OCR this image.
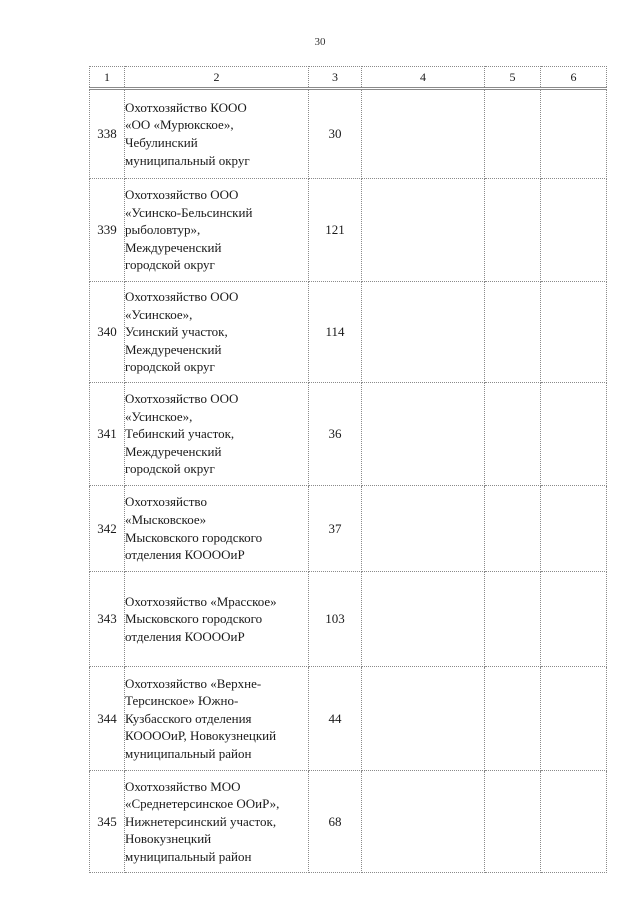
30
1	2	3	4	5	6
338	Охотхозяйство КООО
«ОО «Мурюкское»,
Чебулинский
муниципальный округ	30			
339	Охотхозяйство ООО
«Усинско-Бельсинский
рыболовтур»,
Междуреченский
городской округ	121			
340	Охотхозяйство ООО
«Усинское»,
Усинский участок,
Междуреченский
городской округ	114			
341	Охотхозяйство ООО
«Усинское»,
Тебинский участок,
Междуреченский
городской округ	36			
342	Охотхозяйство
«Мысковское»
Мысковского городского
отделения КООООиР	37			
343	Охотхозяйство «Мрасское»
Мысковского городского
отделения КООООиР	103			
344	Охотхозяйство «Верхне-
Терсинское» Южно-
Кузбасского отделения
КООООиР, Новокузнецкий
муниципальный район	44			
345	Охотхозяйство МОО
«Среднетерсинское ООиР»,
Нижнетерсинский участок,
Новокузнецкий
муниципальный район	68			
